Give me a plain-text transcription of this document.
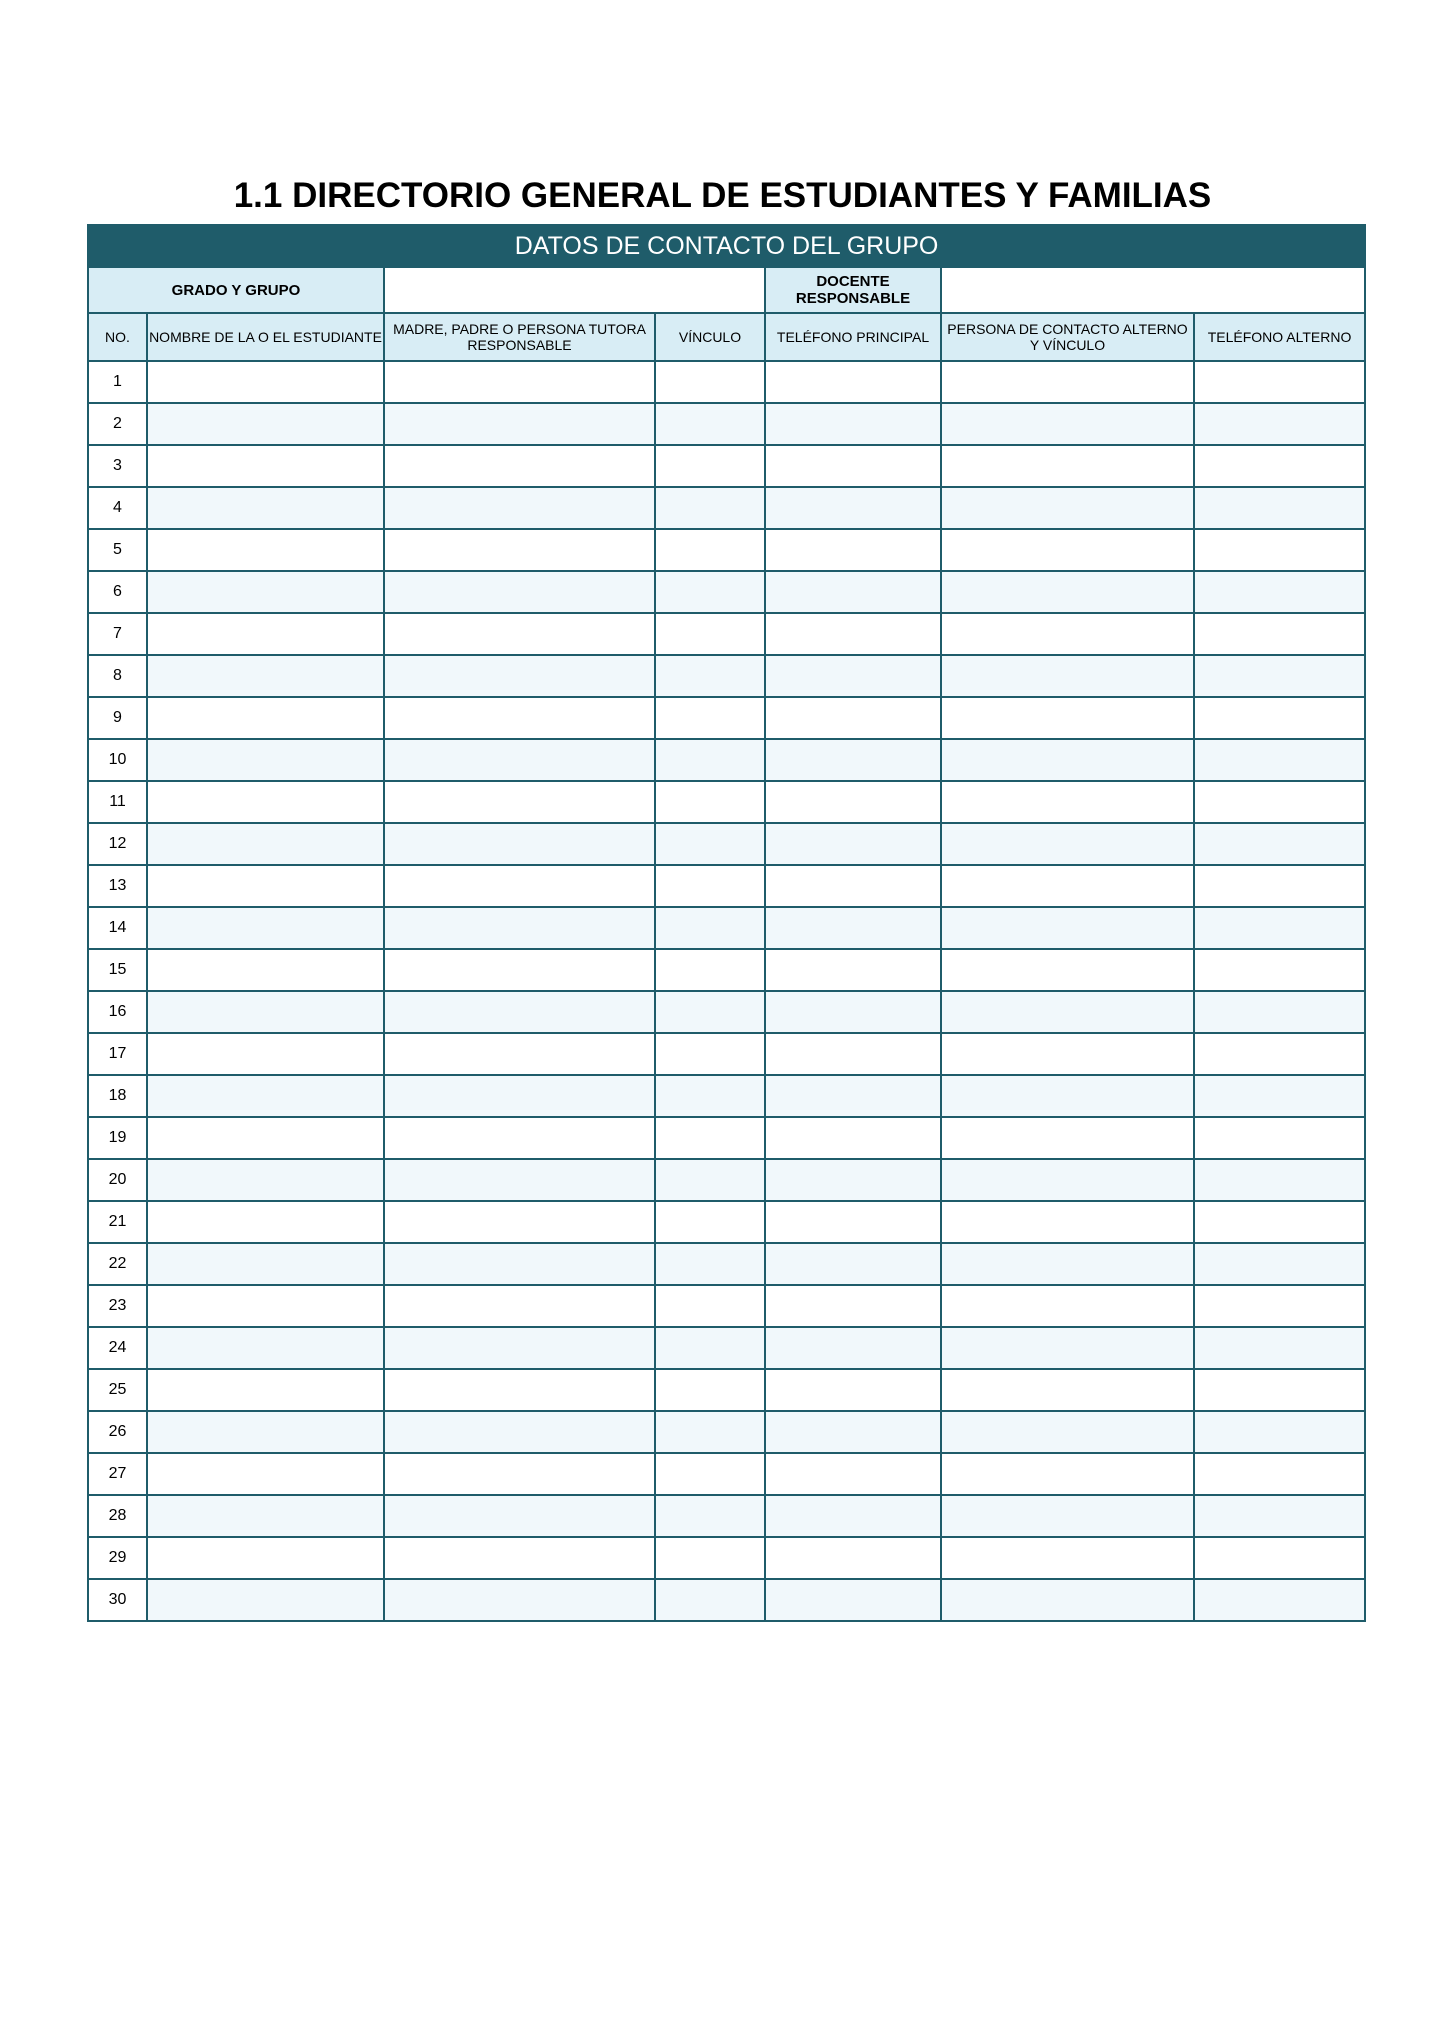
1.1 DIRECTORIO GENERAL DE ESTUDIANTES Y FAMILIAS
DATOS DE CONTACTO DEL GRUPO						
GRADO Y GRUPO				DOCENTE RESPONSABLE		
NO.	NOMBRE DE LA O EL ESTUDIANTE	MADRE, PADRE O PERSONA TUTORA RESPONSABLE	VÍNCULO	TELÉFONO PRINCIPAL	PERSONA DE CONTACTO ALTERNO Y VÍNCULO	TELÉFONO ALTERNO
1						
2						
3						
4						
5						
6						
7						
8						
9						
10						
11						
12						
13						
14						
15						
16						
17						
18						
19						
20						
21						
22						
23						
24						
25						
26						
27						
28						
29						
30						
